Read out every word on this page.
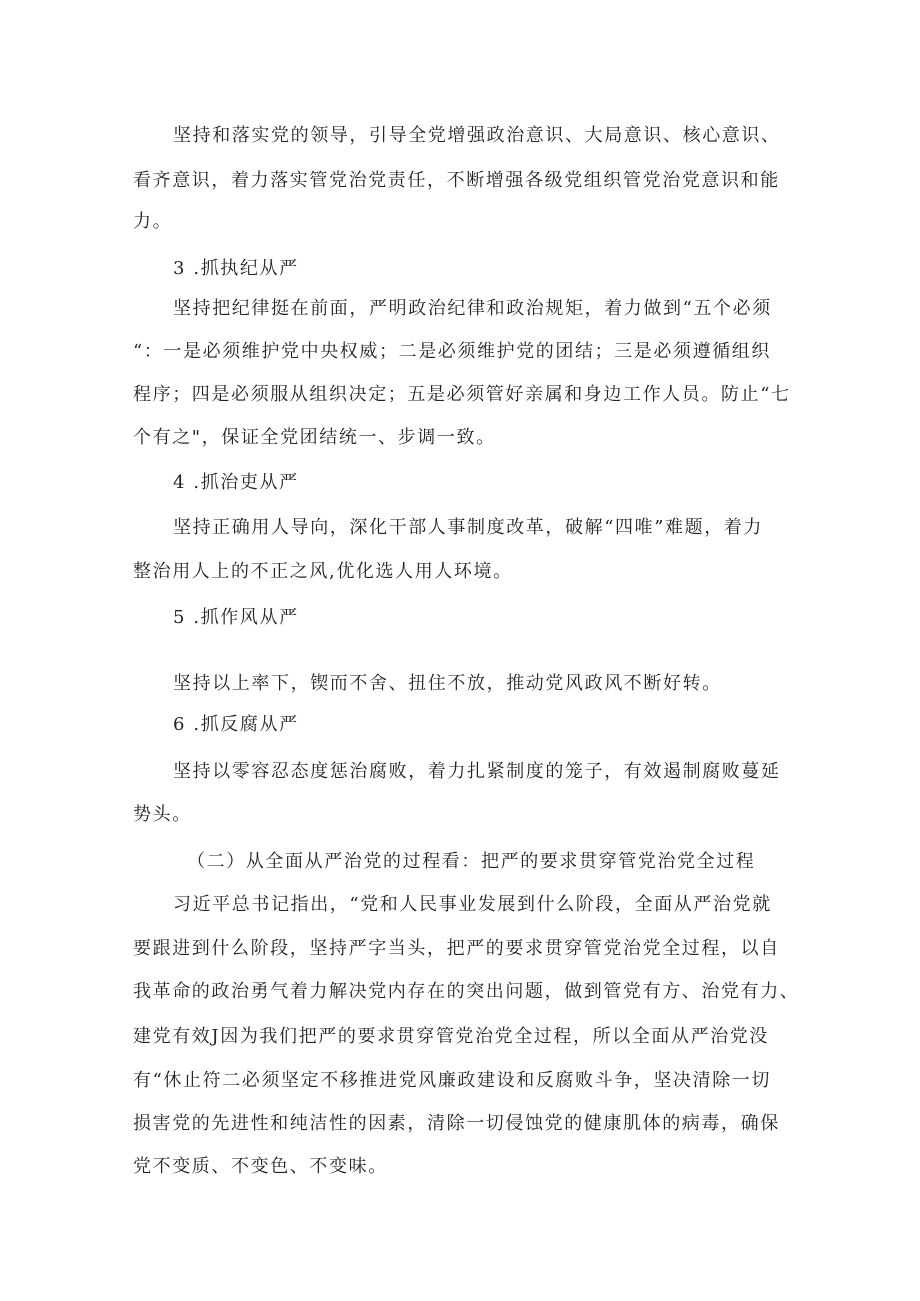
坚持和落实党的领导，引导全党增强政治意识、大局意识、核心意识、
看齐意识，着力落实管党治党责任，不断增强各级党组织管党治党意识和能
力。
3 .抓执纪从严
坚持把纪律挺在前面，严明政治纪律和政治规矩，着力做到“五个必须
“：一是必须维护党中央权威；二是必须维护党的团结；三是必须遵循组织
程序；四是必须服从组织决定；五是必须管好亲属和身边工作人员。防止“七
个有之"，保证全党团结统一、步调一致。
4 .抓治吏从严
坚持正确用人导向，深化干部人事制度改革，破解“四唯”难题，着力
整治用人上的不正之风,优化选人用人环境。
5 .抓作风从严
坚持以上率下，锲而不舍、扭住不放，推动党风政风不断好转。
6 .抓反腐从严
坚持以零容忍态度惩治腐败，着力扎紧制度的笼子，有效遏制腐败蔓延
势头。
（二）从全面从严治党的过程看：把严的要求贯穿管党治党全过程
习近平总书记指出，“党和人民事业发展到什么阶段，全面从严治党就
要跟进到什么阶段，坚持严字当头，把严的要求贯穿管党治党全过程，以自
我革命的政治勇气着力解决党内存在的突出问题，做到管党有方、治党有力、
建党有效J因为我们把严的要求贯穿管党治党全过程，所以全面从严治党没
有“休止符二必须坚定不移推进党风廉政建设和反腐败斗争，坚决清除一切
损害党的先进性和纯洁性的因素，清除一切侵蚀党的健康肌体的病毒，确保
党不变质、不变色、不变味。
